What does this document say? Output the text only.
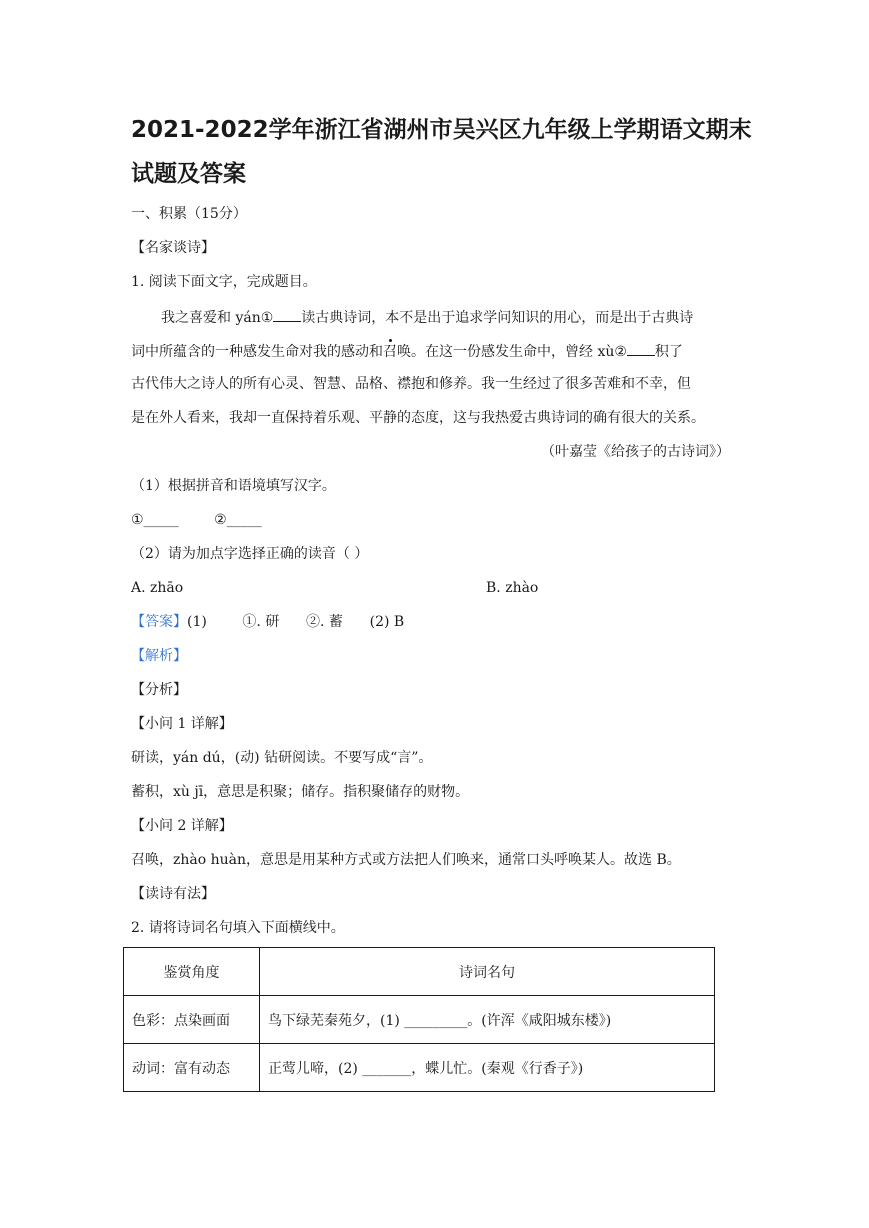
2021-2022学年浙江省湖州市吴兴区九年级上学期语文期末
试题及答案
一、积累（15分）
【名家谈诗】
1. 阅读下面文字，完成题目。
我之喜爱和 yán① 读古典诗词，本不是出于追求学问知识的用心，而是出于古典诗
词中所蕴含的一种感发生命对我的感动和召唤。在这一份感发生命中，曾经 xù② 积了
古代伟大之诗人的所有心灵、智慧、品格、襟抱和修养。我一生经过了很多苦难和不幸，但
是在外人看来，我却一直保持着乐观、平静的态度，这与我热爱古典诗词的确有很大的关系。
（叶嘉莹《给孩子的古诗词》）
（1）根据拼音和语境填写汉字。
①_____        ②_____
（2）请为加点字选择正确的读音（ ）
A. zhāo	B. zhào
【答案】(1)        ①. 研      ②. 蓄      (2) B
【解析】
【分析】
【小问 1 详解】
研读，yán dú，(动) 钻研阅读。不要写成“言”。
蓄积，xù jī，意思是积聚；储存。指积聚储存的财物。
【小问 2 详解】
召唤，zhào huàn，意思是用某种方式或方法把人们唤来，通常口头呼唤某人。故选 B。
【读诗有法】
2. 请将诗词名句填入下面横线中。
鉴赏角度	诗词名句
色彩：点染画面	鸟下绿芜秦苑夕，(1) _________。(许浑《咸阳城东楼》)
动词：富有动态	正莺儿啼，(2) _______，蝶儿忙。(秦观《行香子》)
